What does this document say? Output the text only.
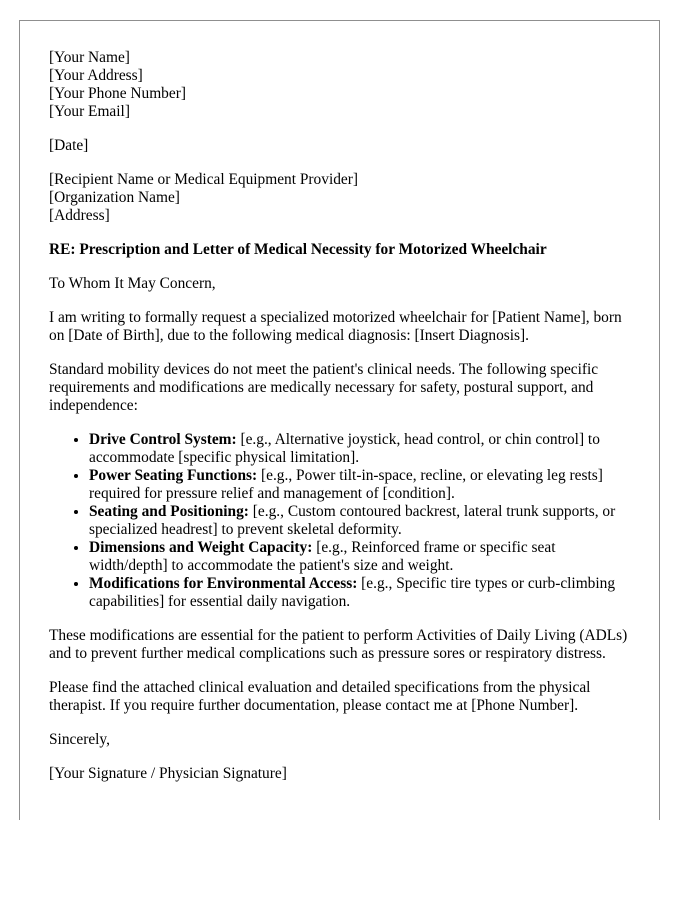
[Your Name]
[Your Address]
[Your Phone Number]
[Your Email]
[Date]
[Recipient Name or Medical Equipment Provider]
[Organization Name]
[Address]
RE: Prescription and Letter of Medical Necessity for Motorized Wheelchair

To Whom It May Concern,

I am writing to formally request a specialized motorized wheelchair for [Patient Name], born on [Date of Birth], due to the following medical diagnosis: [Insert Diagnosis].

Standard mobility devices do not meet the patient's clinical needs. The following specific requirements and modifications are medically necessary for safety, postural support, and independence:

• Drive Control System: [e.g., Alternative joystick, head control, or chin control] to accommodate [specific physical limitation].
• Power Seating Functions: [e.g., Power tilt-in-space, recline, or elevating leg rests] required for pressure relief and management of [condition].
• Seating and Positioning: [e.g., Custom contoured backrest, lateral trunk supports, or specialized headrest] to prevent skeletal deformity.
• Dimensions and Weight Capacity: [e.g., Reinforced frame or specific seat width/depth] to accommodate the patient's size and weight.
• Modifications for Environmental Access: [e.g., Specific tire types or curb-climbing capabilities] for essential daily navigation.

These modifications are essential for the patient to perform Activities of Daily Living (ADLs) and to prevent further medical complications such as pressure sores or respiratory distress.

Please find the attached clinical evaluation and detailed specifications from the physical therapist. If you require further documentation, please contact me at [Phone Number].

Sincerely,

[Your Signature / Physician Signature]
